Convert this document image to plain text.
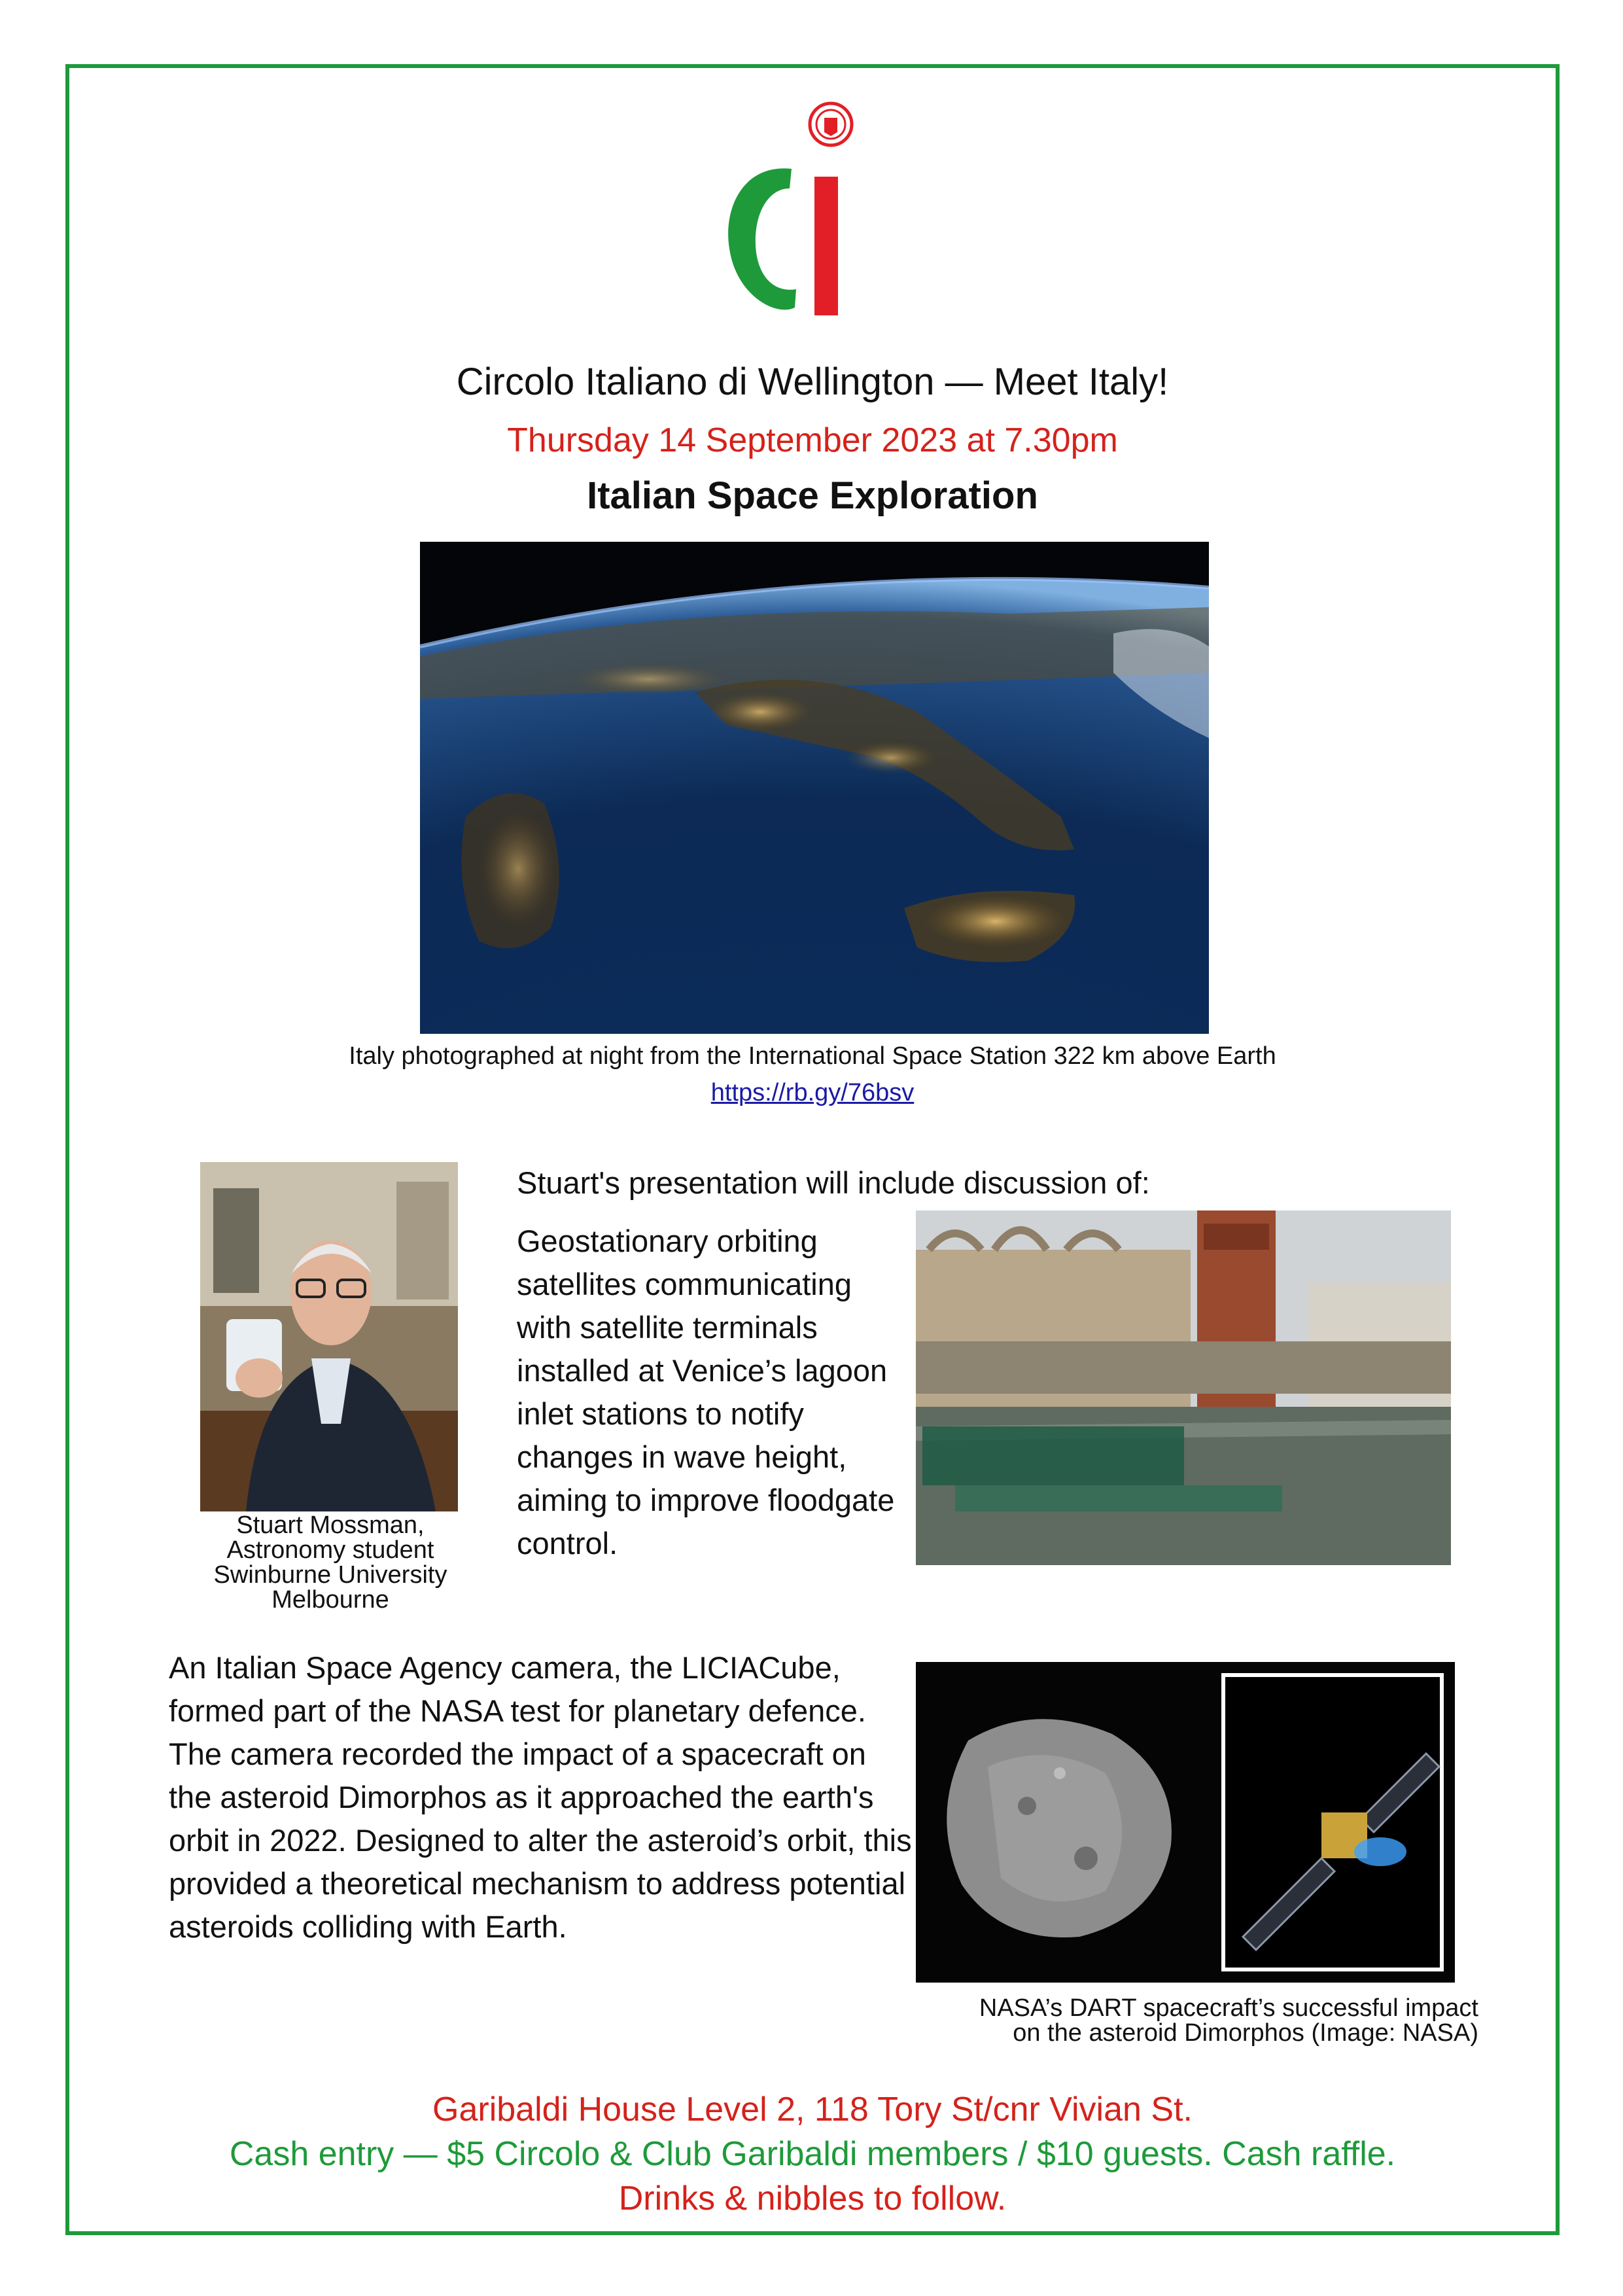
Circolo Italiano di Wellington — Meet Italy!
Thursday 14 September 2023 at 7.30pm
Italian Space Exploration
Italy photographed at night from the International Space Station 322 km above Earth
https://rb.gy/76bsv
Stuart Mossman,
Astronomy student
Swinburne University
Melbourne
Stuart's presentation will include discussion of:
Geostationary orbiting satellites communicating with satellite terminals installed at Venice’s lagoon inlet stations to notify changes in wave height, aiming to improve floodgate control.
An Italian Space Agency camera, the LICIACube, formed part of the NASA test for planetary defence. The camera recorded the impact of a spacecraft on the asteroid Dimorphos as it approached the earth's orbit in 2022. Designed to alter the asteroid’s orbit, this provided a theoretical mechanism to address potential asteroids colliding with Earth.
NASA’s DART spacecraft’s successful impact
on the asteroid Dimorphos (Image: NASA)
Garibaldi House Level 2, 118 Tory St/cnr Vivian St.
Cash entry — $5 Circolo & Club Garibaldi members / $10 guests. Cash raffle.
Drinks & nibbles to follow.
